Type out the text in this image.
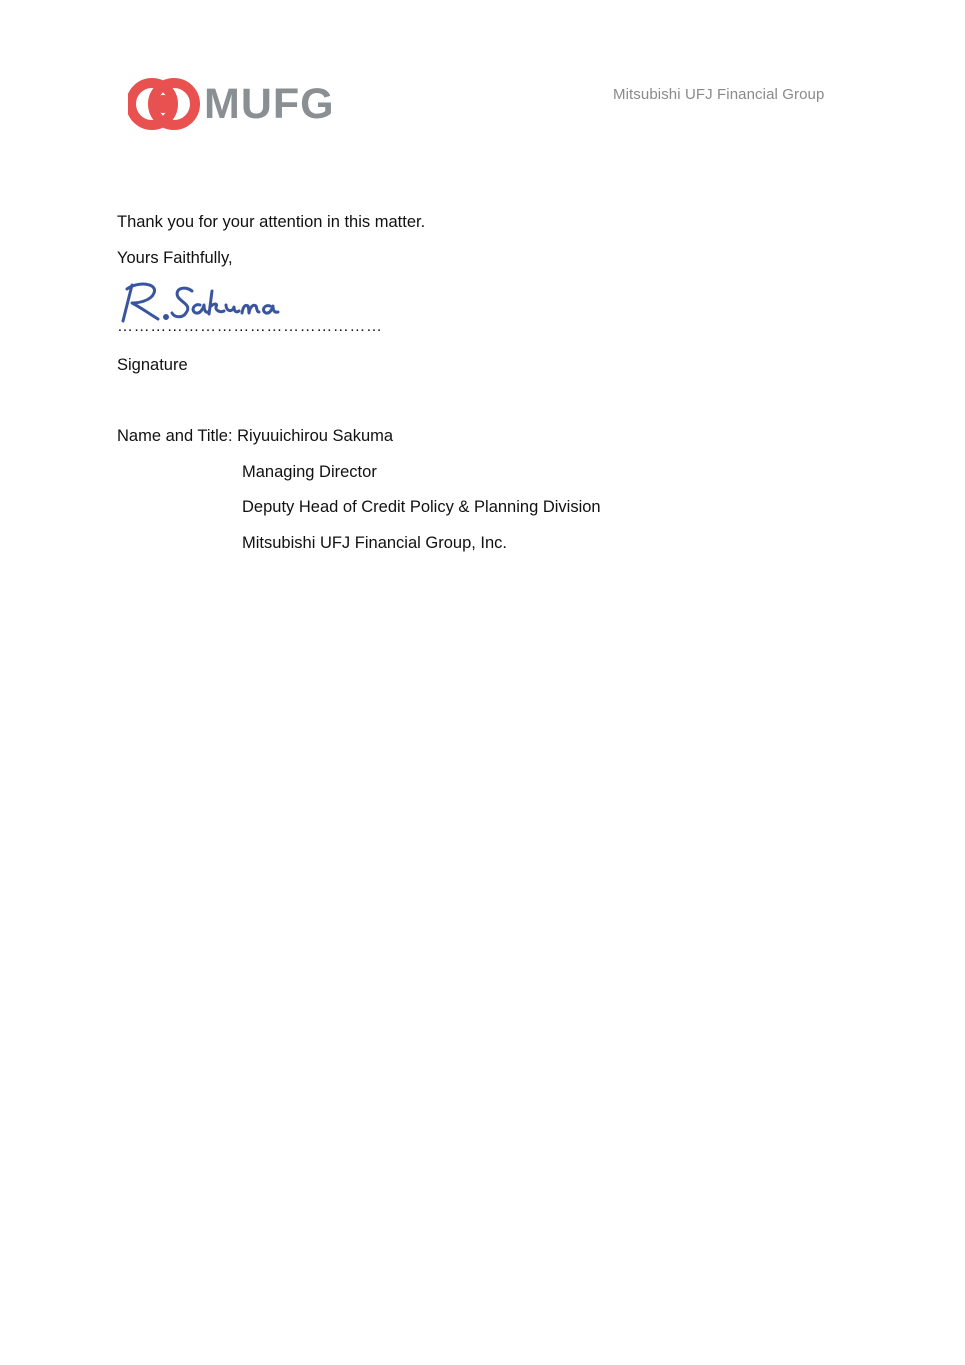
MUFG	Mitsubishi UFJ Financial Group
Thank you for your attention in this matter.
Yours Faithfully,
…………………………………………
Signature
Name and Title: Riyuuichirou Sakuma
Managing Director
Deputy Head of Credit Policy & Planning Division
Mitsubishi UFJ Financial Group, Inc.
